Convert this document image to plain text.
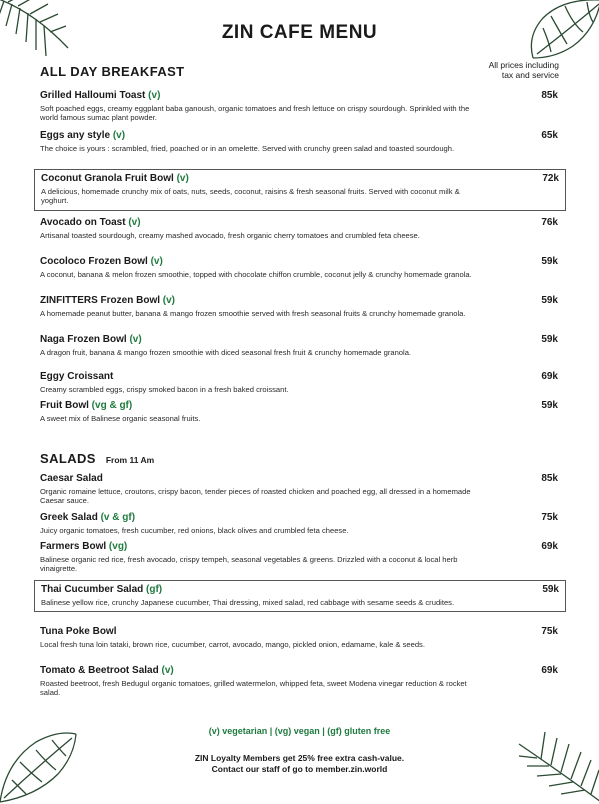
ZIN CAFE MENU
All prices including
tax and service
ALL DAY BREAKFAST
Grilled Halloumi Toast (v)	85k
Soft poached eggs, creamy eggplant baba ganoush, organic tomatoes and fresh lettuce on crispy sourdough. Sprinkled with the world famous sumac plant powder.
Eggs any style (v)	65k
The choice is yours : scrambled, fried, poached or in an omelette. Served with crunchy green salad and toasted sourdough.
Coconut Granola Fruit Bowl (v)	72k
A delicious, homemade crunchy mix of oats, nuts, seeds, coconut, raisins & fresh seasonal fruits. Served with coconut milk & yoghurt.
Avocado on Toast (v)	76k
Artisanal toasted sourdough, creamy mashed avocado, fresh organic cherry tomatoes and crumbled feta cheese.
Cocoloco Frozen Bowl (v)	59k
A coconut, banana & melon frozen smoothie, topped with chocolate chiffon crumble, coconut jelly & crunchy homemade granola.
ZINFITTERS Frozen Bowl (v)	59k
A homemade peanut butter, banana & mango frozen smoothie served with fresh seasonal fruits & crunchy homemade granola.
Naga Frozen Bowl (v)	59k
A dragon fruit, banana & mango frozen smoothie with diced seasonal fresh fruit & crunchy homemade granola.
Eggy Croissant	69k
Creamy scrambled eggs, crispy smoked bacon in a fresh baked croissant.
Fruit Bowl (vg & gf)	59k
A sweet mix of Balinese organic seasonal fruits.
SALADS From 11 Am
Caesar Salad	85k
Organic romaine lettuce, croutons, crispy bacon, tender pieces of roasted chicken and poached egg, all dressed in a homemade Caesar sauce.
Greek Salad (v & gf)	75k
Juicy organic tomatoes, fresh cucumber, red onions, black olives and crumbled feta cheese.
Farmers Bowl (vg)	69k
Balinese organic red rice, fresh avocado, crispy tempeh, seasonal vegetables & greens. Drizzled with a coconut & local herb vinaigrette.
Thai Cucumber Salad (gf)	59k
Balinese yellow rice, crunchy Japanese cucumber, Thai dressing, mixed salad, red cabbage with sesame seeds & crudites.
Tuna Poke Bowl	75k
Local fresh tuna loin tataki, brown rice, cucumber, carrot, avocado, mango, pickled onion, edamame, kale & seeds.
Tomato & Beetroot Salad (v)	69k
Roasted beetroot, fresh Bedugul organic tomatoes, grilled watermelon, whipped feta, sweet Modena vinegar reduction & rocket salad.

(v) vegetarian | (vg) vegan | (gf) gluten free

ZIN Loyalty Members get 25% free extra cash-value.
Contact our staff of go to member.zin.world
